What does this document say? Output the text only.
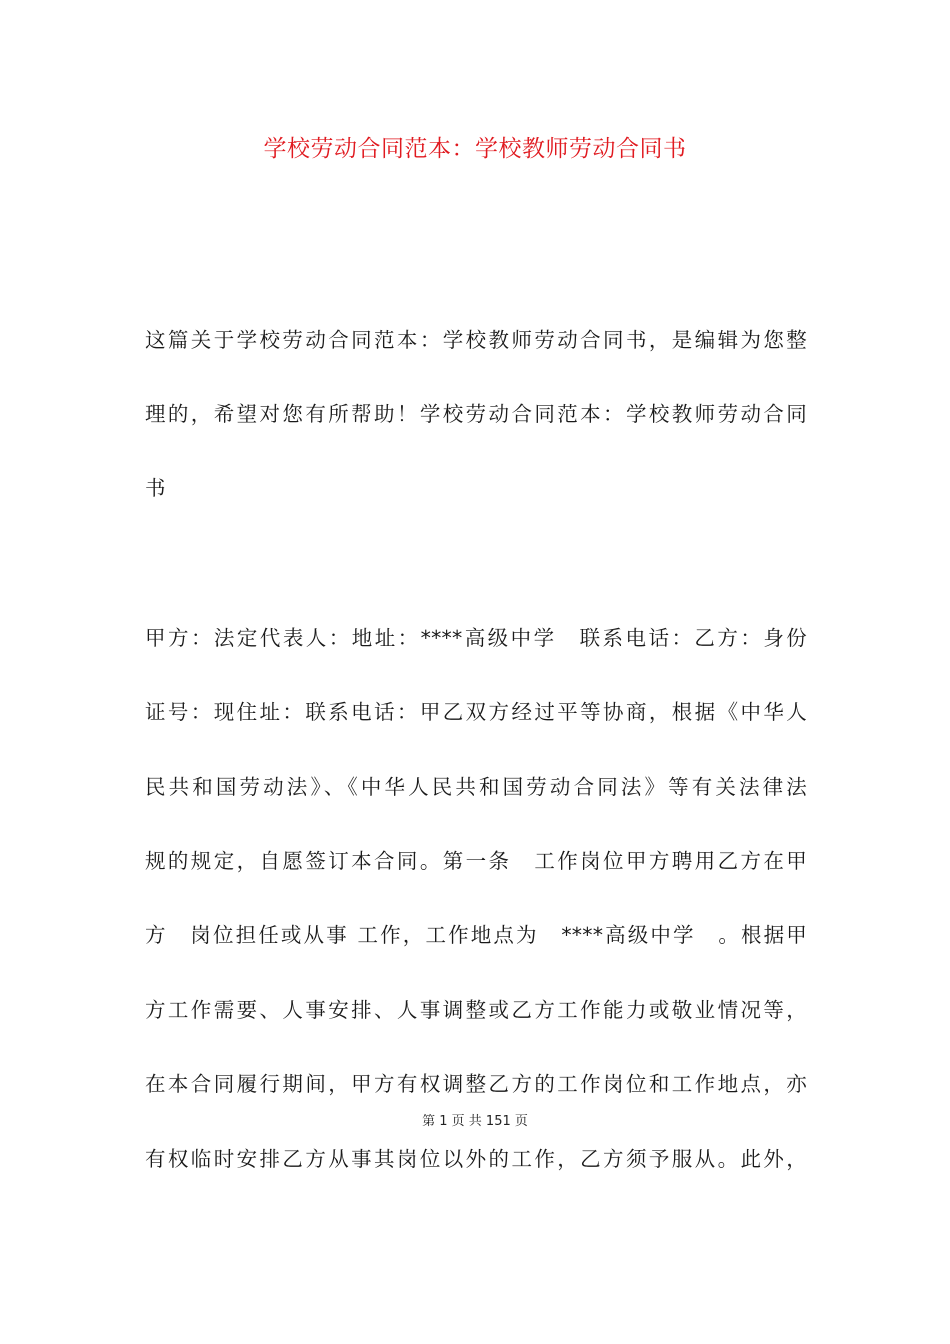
学校劳动合同范本：学校教师劳动合同书
这篇关于学校劳动合同范本：学校教师劳动合同书，是编辑为您整
理的，希望对您有所帮助！学校劳动合同范本：学校教师劳动合同
书
甲方：法定代表人：地址：****高级中学　联系电话：乙方：身份
证号：现住址：联系电话：甲乙双方经过平等协商，根据《中华人
民共和国劳动法》、《中华人民共和国劳动合同法》等有关法律法
规的规定，自愿签订本合同。第一条　工作岗位甲方聘用乙方在甲
方　岗位担任或从事 工作，工作地点为　****高级中学　。根据甲
方工作需要、人事安排、人事调整或乙方工作能力或敬业情况等，
在本合同履行期间，甲方有权调整乙方的工作岗位和工作地点，亦
有权临时安排乙方从事其岗位以外的工作，乙方须予服从。此外，
第 1 页 共 151 页
